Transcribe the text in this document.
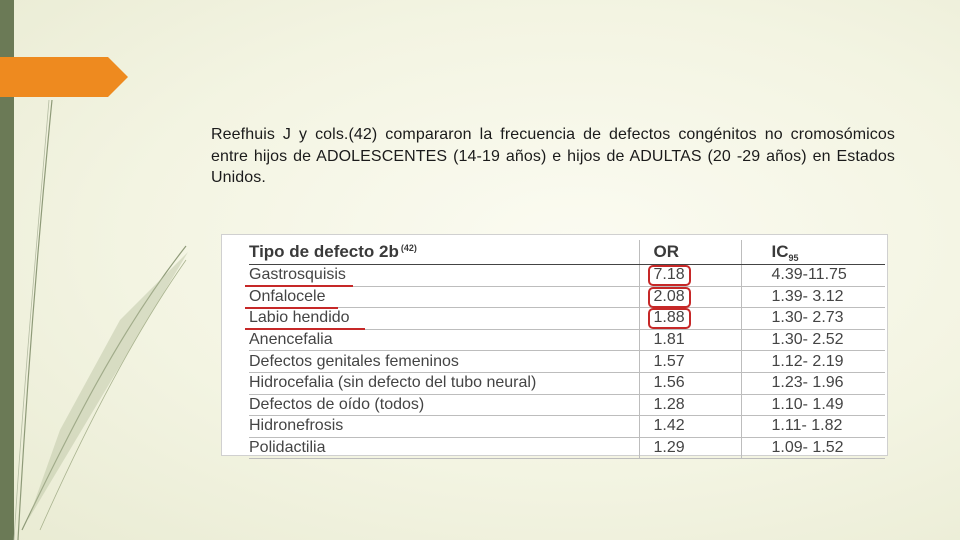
Reefhuis J y cols.(42) compararon la frecuencia de defectos congénitos no cromosómicos entre hijos de ADOLESCENTES (14-19 años) e hijos de ADULTAS (20 -29 años) en Estados Unidos.
Tipo de defecto 2b $^{(42)}$	OR	$IC_{95}$
Gastrosquisis	7.18	4.39-11.75
Onfalocele	2.08	1.39- 3.12
Labio hendido	1.88	1.30- 2.73
Anencefalia	1.81	1.30- 2.52
Defectos genitales femeninos	1.57	1.12- 2.19
Hidrocefalia (sin defecto del tubo neural)	1.56	1.23- 1.96
Defectos de oído (todos)	1.28	1.10- 1.49
Hidronefrosis	1.42	1.11- 1.82
Polidactilia	1.29	1.09- 1.52
